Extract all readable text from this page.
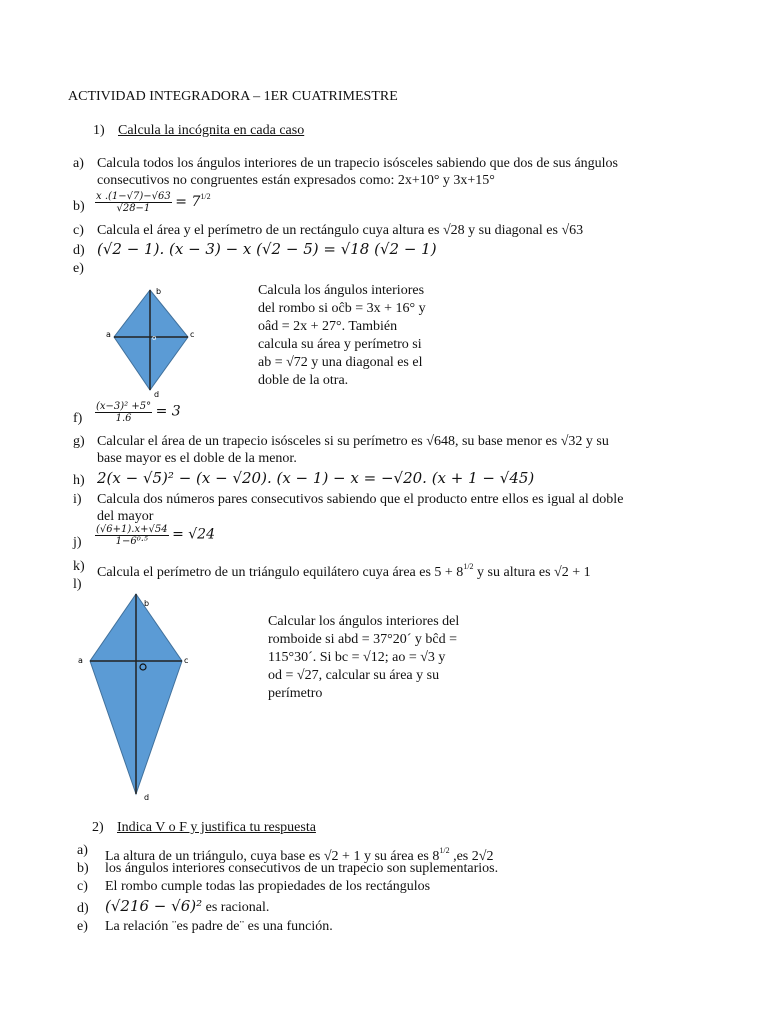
ACTIVIDAD INTEGRADORA – 1ER CUATRIMESTRE
1) Calcula la incógnita en cada caso
a) Calcula todos los ángulos interiores de un trapecio isósceles sabiendo que dos de sus ángulos
consecutivos no congruentes están expresados como: 2x+10° y 3x+15°
$b) \frac{x .(1-√7)-√63}{√28-1} = 7^{1/2}$
c) Calcula el área y el perímetro de un rectángulo cuya altura es √28 y su diagonal es √63
d) (√2 − 1). (x − 3) − x (√2 − 5) = √18 (√2 − 1)
e)
b
a	c
d
o
Calcula los ángulos interiores
del rombo si oĉb = 3x + 16° y
oâd = 2x + 27°. También
calcula su área y perímetro si
ab = √72 y una diagonal es el
doble de la otra.
$f) \frac{\text{(x−3)² +5°}}{1.6} = 3$
g) Calcular el área de un trapecio isósceles si su perímetro es √648, su base menor es √32 y su
base mayor es el doble de la menor.
h) 2(x − √5)² − (x − √20). (x − 1) − x = −√20. (x + 1 − √45)
i) Calcula dos números pares consecutivos sabiendo que el producto entre ellos es igual al doble
del mayor
$j) \frac{(√6+1).x+√54}{\text{1−6⁰·⁵}} = √24$
k) Calcula el perímetro de un triángulo equilátero cuya área es $5 + 8^{1/2}$ y su altura es √2 + 1
l)
b
a	c
d
Calcular los ángulos interiores del
romboide si abd = 37°20´ y bĉd =
115°30´. Si bc = √12; ao = √3 y
od = √27, calcular su área y su
perímetro
2) Indica V o F y justifica tu respuesta
a) La altura de un triángulo, cuya base es √2 + 1 y su área es $8^{1/2}$ ,es 2√2
b) los ángulos interiores consecutivos de un trapecio son suplementarios.
c) El rombo cumple todas las propiedades de los rectángulos
d) (√216 − √6)² es racional.
e) La relación ¨es padre de¨ es una función.
